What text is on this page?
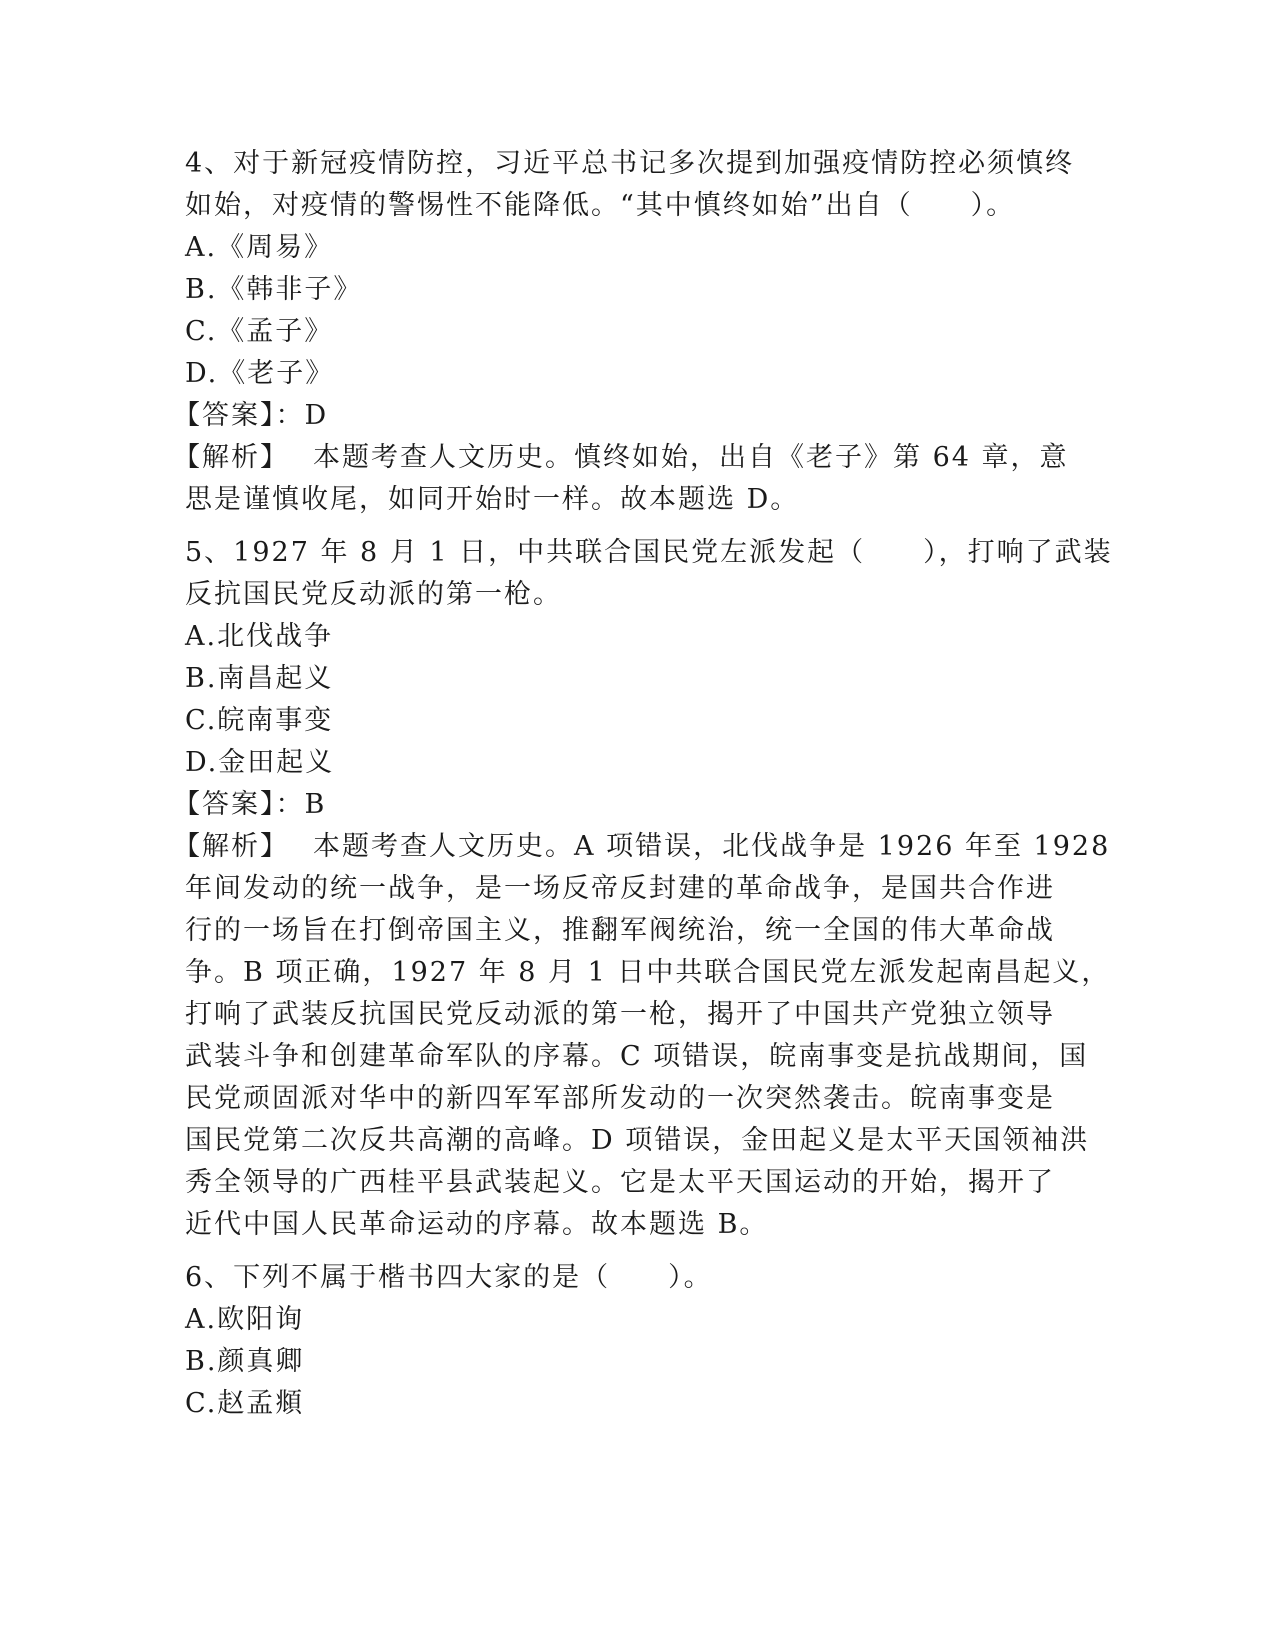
4、对于新冠疫情防控，习近平总书记多次提到加强疫情防控必须慎终
如始，对疫情的警惕性不能降低。“其中慎终如始”出自（　　）。

A.《周易》
B.《韩非子》
C.《孟子》
D.《老子》
【答案】：D
【解析】 本题考查人文历史。慎终如始，出自《老子》第 64 章，意
思是谨慎收尾，如同开始时一样。故本题选 D。

5、1927 年 8 月 1 日，中共联合国民党左派发起（　　），打响了武装
反抗国民党反动派的第一枪。

A.北伐战争
B.南昌起义
C.皖南事变
D.金田起义
【答案】：B
【解析】 本题考查人文历史。A 项错误，北伐战争是 1926 年至 1928
年间发动的统一战争，是一场反帝反封建的革命战争，是国共合作进
行的一场旨在打倒帝国主义，推翻军阀统治，统一全国的伟大革命战
争。B 项正确，1927 年 8 月 1 日中共联合国民党左派发起南昌起义，
打响了武装反抗国民党反动派的第一枪，揭开了中国共产党独立领导
武装斗争和创建革命军队的序幕。C 项错误，皖南事变是抗战期间，国
民党顽固派对华中的新四军军部所发动的一次突然袭击。皖南事变是
国民党第二次反共高潮的高峰。D 项错误，金田起义是太平天国领袖洪
秀全领导的广西桂平县武装起义。它是太平天国运动的开始，揭开了
近代中国人民革命运动的序幕。故本题选 B。

6、下列不属于楷书四大家的是（　　）。

A.欧阳询
B.颜真卿
C.赵孟頫
